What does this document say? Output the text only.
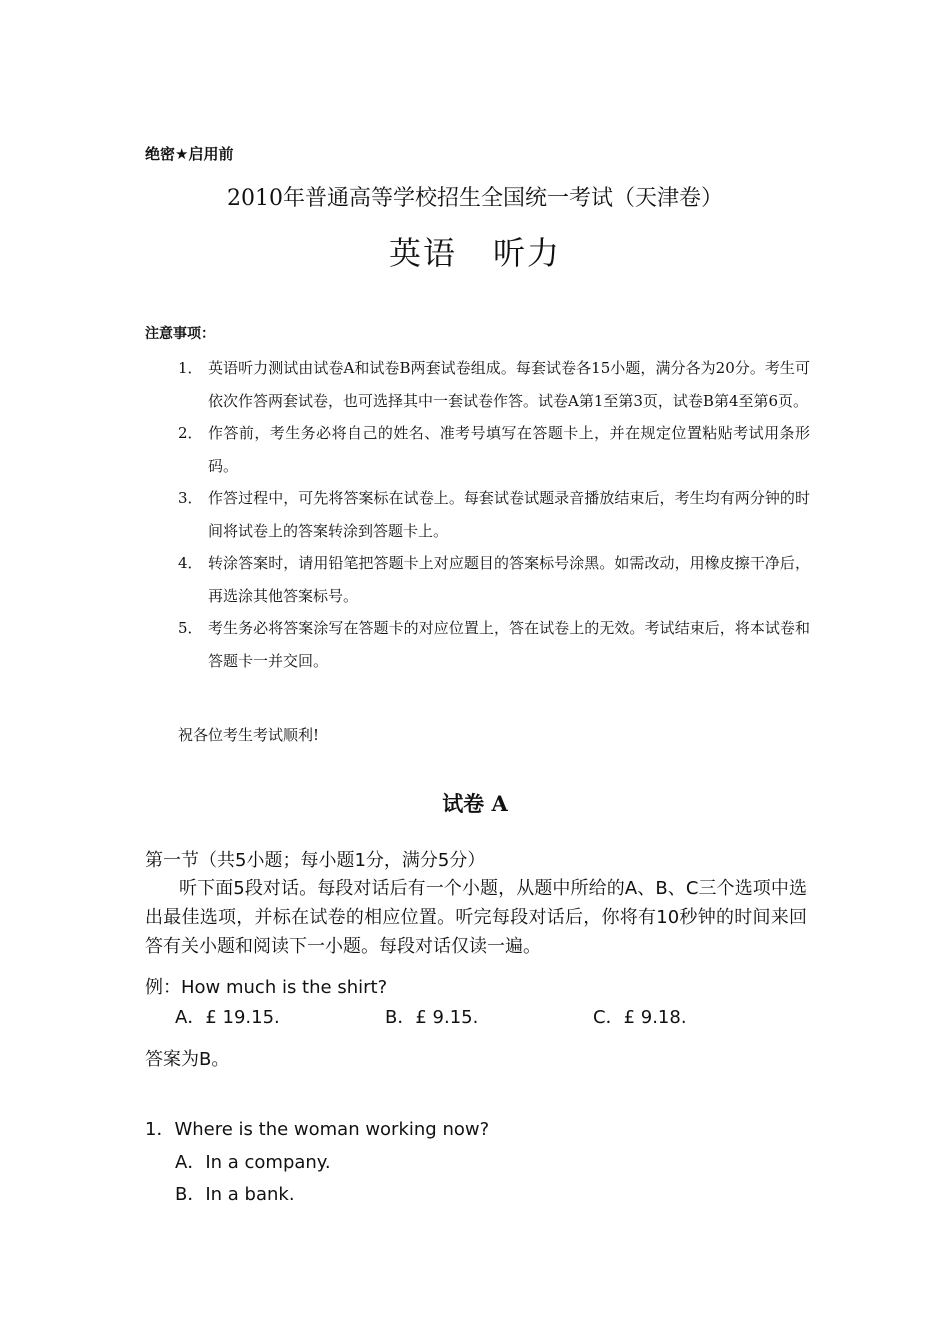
绝密★启用前
2010年普通高等学校招生全国统一考试（天津卷）
英语 听力
注意事项：
1． 英语听力测试由试卷A和试卷B两套试卷组成。每套试卷各15小题，满分各为20分。考生可依次作答两套试卷，也可选择其中一套试卷作答。试卷A第1至第3页，试卷B第4至第6页。
2． 作答前，考生务必将自己的姓名、准考号填写在答题卡上，并在规定位置粘贴考试用条形码。
3． 作答过程中，可先将答案标在试卷上。每套试卷试题录音播放结束后，考生均有两分钟的时间将试卷上的答案转涂到答题卡上。
4． 转涂答案时，请用铅笔把答题卡上对应题目的答案标号涂黑。如需改动，用橡皮擦干净后，再选涂其他答案标号。
5． 考生务必将答案涂写在答题卡的对应位置上，答在试卷上的无效。考试结束后，将本试卷和答题卡一并交回。
祝各位考生考试顺利!
试卷 A
第一节（共5小题；每小题1分，满分5分）

听下面5段对话。每段对话后有一个小题，从题中所给的A、B、C三个选项中选出最佳选项，并标在试卷的相应位置。听完每段对话后，你将有10秒钟的时间来回答有关小题和阅读下一小题。每段对话仅读一遍。

例：How much is the shirt?
A．£ 19.15.	B．£ 9.15.	C．£ 9.18.
答案为B。
1．Where is the woman working now?
A．In a company.
B．In a bank.
